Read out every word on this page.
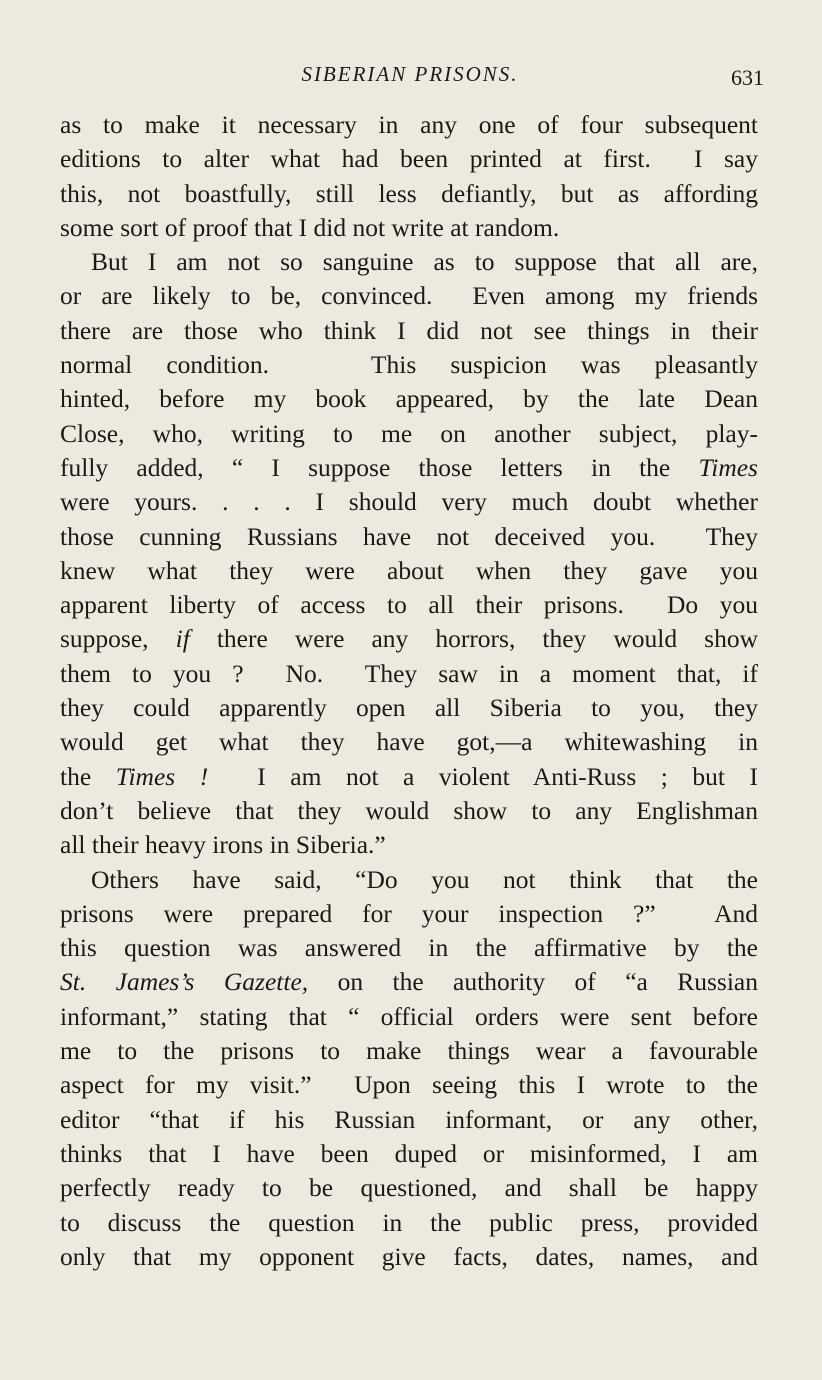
SIBERIAN PRISONS.	631
as to make it necessary in any one of four subsequent
editions to alter what had been printed at first.  I say
this, not boastfully, still less defiantly, but as affording
some sort of proof that I did not write at random.
But I am not so sanguine as to suppose that all are,
or are likely to be, convinced.  Even among my friends
there are those who think I did not see things in their
normal condition.   This suspicion was pleasantly
hinted, before my book appeared, by the late Dean
Close, who, writing to me on another subject, play-
fully added, “ I suppose those letters in the Times
were yours. . . . I should very much doubt whether
those cunning Russians have not deceived you.  They
knew what they were about when they gave you
apparent liberty of access to all their prisons.  Do you
suppose, if there were any horrors, they would show
them to you ?  No.  They saw in a moment that, if
they could apparently open all Siberia to you, they
would get what they have got,—a whitewashing in
the Times !  I am not a violent Anti-Russ ; but I
don’t believe that they would show to any Englishman
all their heavy irons in Siberia.”
Others have said, “Do you not think that the
prisons were prepared for your inspection ?”  And
this question was answered in the affirmative by the
St. James’s Gazette, on the authority of “a Russian
informant,” stating that “ official orders were sent before
me to the prisons to make things wear a favourable
aspect for my visit.”  Upon seeing this I wrote to the
editor “that if his Russian informant, or any other,
thinks that I have been duped or misinformed, I am
perfectly ready to be questioned, and shall be happy
to discuss the question in the public press, provided
only that my opponent give facts, dates, names, and
